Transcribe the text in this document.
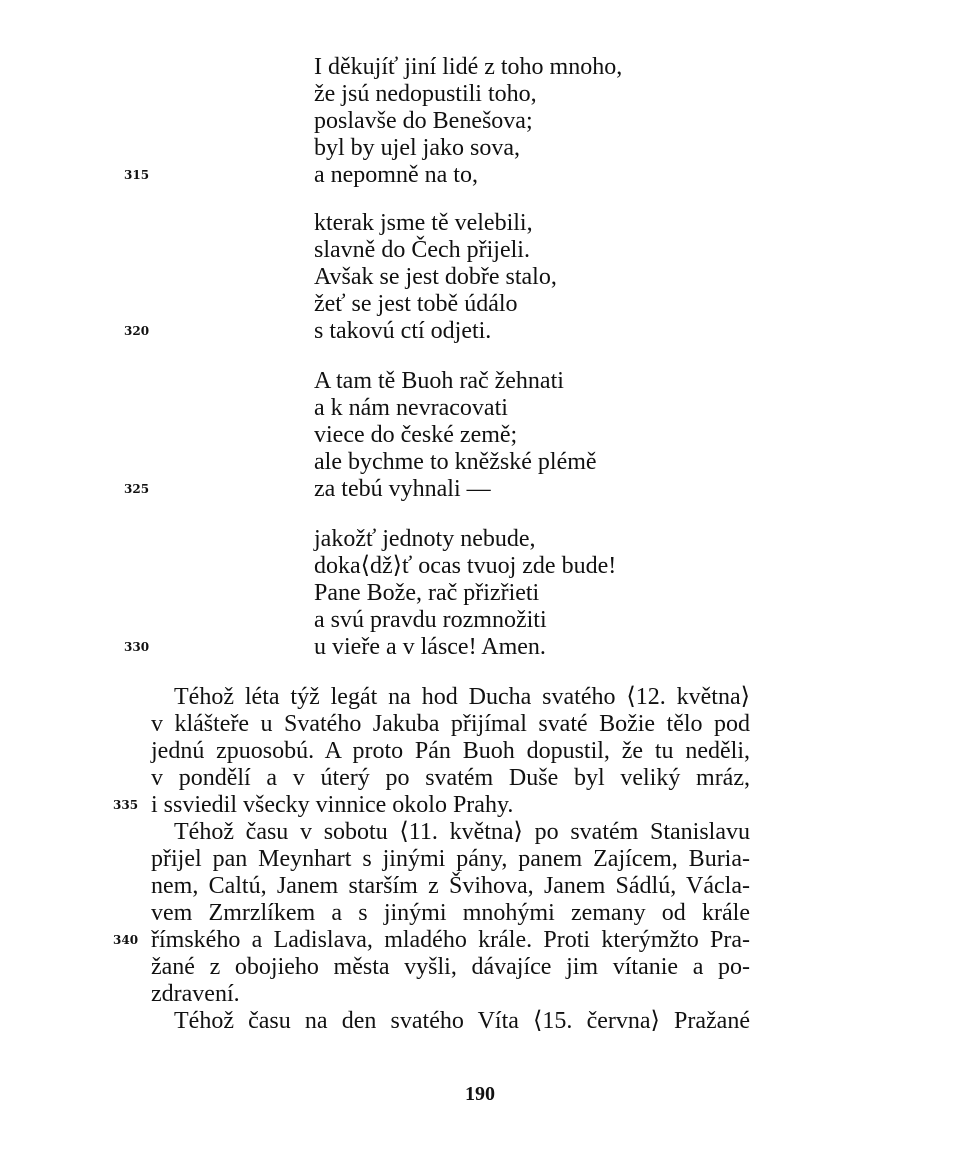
I děkujíť jiní lidé z toho mnoho,
že jsú nedopustili toho,
poslavše do Benešova;
byl by ujel jako sova,
a nepomně na to,
315
kterak jsme tě velebili,
slavně do Čech přijeli.
Avšak se jest dobře stalo,
žeť se jest tobě údálo
s takovú ctí odjeti.
320
A tam tě Buoh rač žehnati
a k nám nevracovati
viece do české země;
ale bychme to kněžské plémě
za tebú vyhnali —
325
jakožť jednoty nebude,
doka⟨dž⟩ť ocas tvuoj zde bude!
Pane Bože, rač přizřieti
a svú pravdu rozmnožiti
u vieře a v lásce! Amen.
330
Téhož léta týž legát na hod Ducha svatého ⟨12. května⟩
v klášteře u Svatého Jakuba přijímal svaté Božie tělo pod
jednú zpuosobú. A proto Pán Buoh dopustil, že tu neděli,
v pondělí a v úterý po svatém Duše byl veliký mráz,
i ssviedil všecky vinnice okolo Prahy.
335
Téhož času v sobotu ⟨11. května⟩ po svatém Stanislavu
přijel pan Meynhart s jinými pány, panem Zajícem, Buria-
nem, Caltú, Janem starším z Švihova, Janem Sádlú, Václa-
vem Zmrzlíkem a s jinými mnohými zemany od krále
římského a Ladislava, mladého krále. Proti kterýmžto Pra-
340
žané z obojieho města vyšli, dávajíce jim vítanie a po-
zdravení.
Téhož času na den svatého Víta ⟨15. června⟩ Pražané
190
